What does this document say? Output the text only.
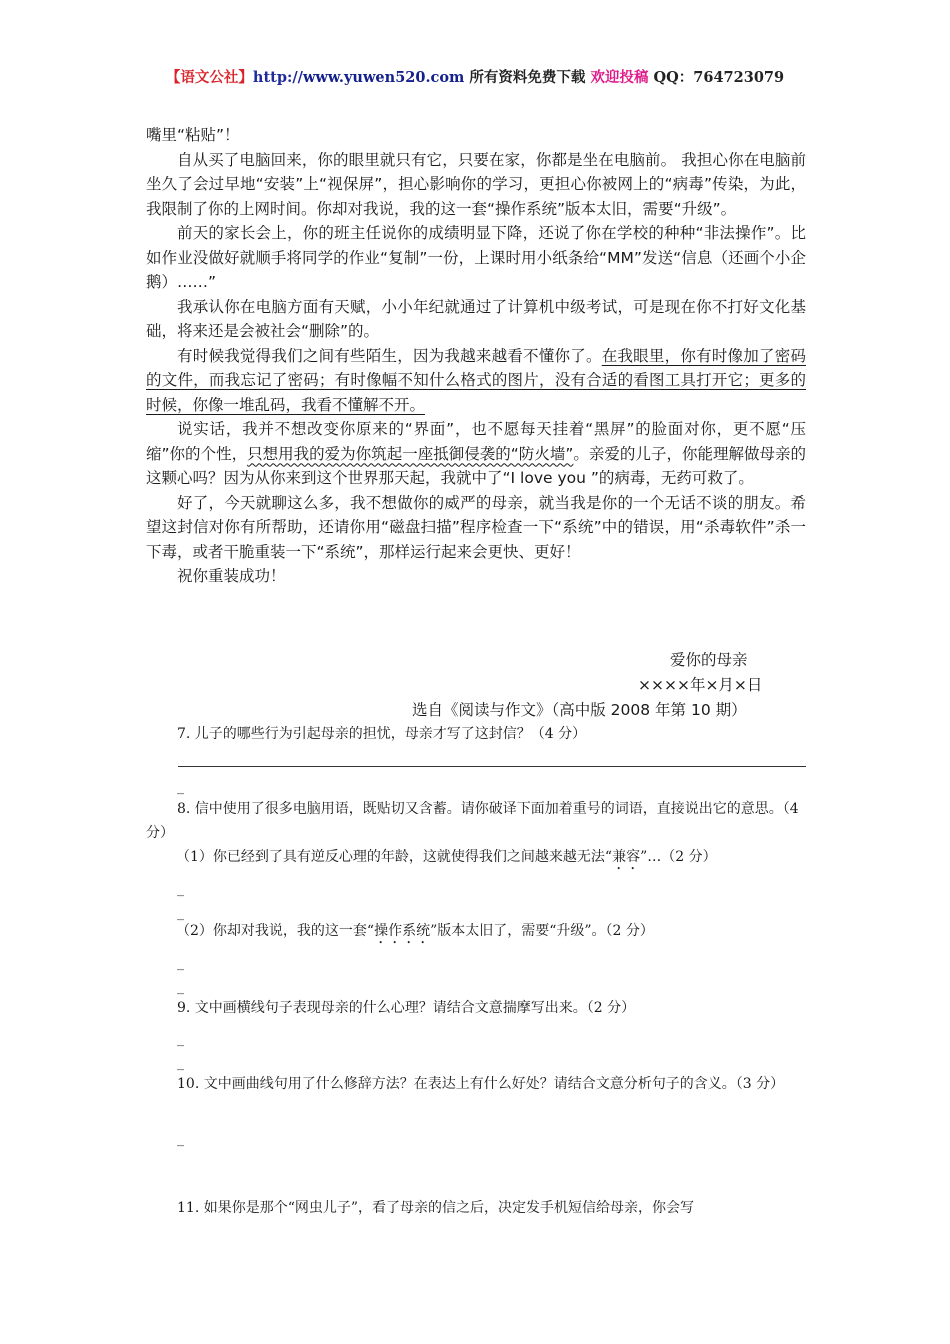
【语文公社】http://www.yuwen520.com 所有资料免费下载 欢迎投稿 QQ：764723079

嘴里“粘贴”！

自从买了电脑回来，你的眼里就只有它，只要在家，你都是坐在电脑前。 我担心你在电脑前坐久了会过早地“安装”上“视保屏”，担心影响你的学习，更担心你被网上的“病毒”传染，为此，我限制了你的上网时间。你却对我说，我的这一套“操作系统”版本太旧，需要“升级”。

前天的家长会上，你的班主任说你的成绩明显下降，还说了你在学校的种种“非法操作”。比如作业没做好就顺手将同学的作业“复制”一份，上课时用小纸条给“MM”发送“信息（还画个小企鹅）……”

我承认你在电脑方面有天赋，小小年纪就通过了计算机中级考试，可是现在你不打好文化基础，将来还是会被社会“删除”的。

有时候我觉得我们之间有些陌生，因为我越来越看不懂你了。在我眼里，你有时像加了密码的文件，而我忘记了密码；有时像幅不知什么格式的图片，没有合适的看图工具打开它；更多的时候，你像一堆乱码，我看不懂解不开。

说实话，我并不想改变你原来的“界面”，也不愿每天挂着“黑屏”的脸面对你，更不愿“压缩”你的个性，只想用我的爱为你筑起一座抵御侵袭的“防火墙”。亲爱的儿子，你能理解做母亲的这颗心吗？因为从你来到这个世界那天起，我就中了“I love you ”的病毒，无药可救了。

好了，今天就聊这么多，我不想做你的威严的母亲，就当我是你的一个无话不谈的朋友。希望这封信对你有所帮助，还请你用“磁盘扫描”程序检查一下“系统”中的错误，用“杀毒软件”杀一下毒，或者干脆重装一下“系统”，那样运行起来会更快、更好！

祝你重装成功！

爱你的母亲
××××年×月×日
选自《阅读与作文》（高中版 2008 年第 10 期）

7. 儿子的哪些行为引起母亲的担忧，母亲才写了这封信？（4 分）

_

8. 信中使用了很多电脑用语，既贴切又含蓄。请你破译下面加着重号的词语，直接说出它的意思。（4 分）

（1）你已经到了具有逆反心理的年龄，这就使得我们之间越来越无法“兼容”…（2 分）

_
_

（2）你却对我说，我的这一套“操作系统”版本太旧了，需要“升级”。（2 分）

_
_

9. 文中画横线句子表现母亲的什么心理？请结合文意揣摩写出来。（2 分）

_
_

10. 文中画曲线句用了什么修辞方法？在表达上有什么好处？请结合文意分析句子的含义。（3 分）

_

11. 如果你是那个“网虫儿子”，看了母亲的信之后，决定发手机短信给母亲，你会写
